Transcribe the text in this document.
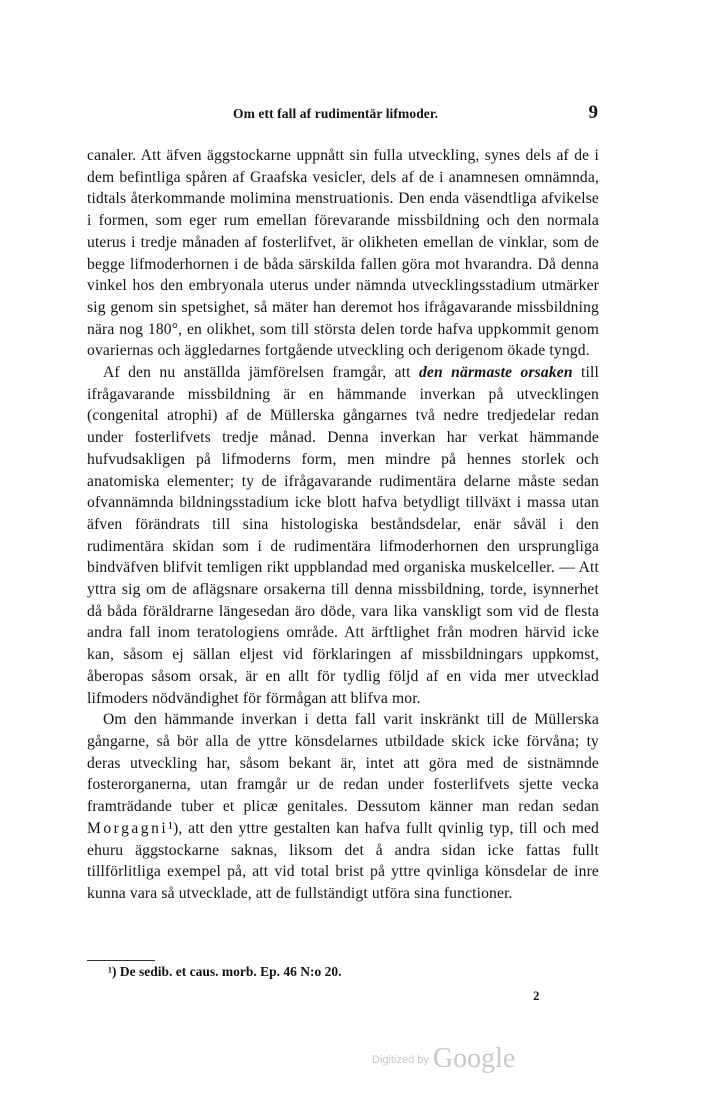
Om ett fall af rudimentär lifmoder.	9

canaler. Att äfven äggstockarne uppnått sin fulla utveckling, synes dels af de i dem befintliga spåren af Graafska vesicler, dels af de i anamnesen omnämnda, tidtals återkommande molimina menstruationis. Den enda väsendtliga afvikelse i formen, som eger rum emellan förevarande missbildning och den normala uterus i tredje månaden af fosterlifvet, är olikheten emellan de vinklar, som de begge lifmoderhornen i de båda särskilda fallen göra mot hvarandra. Då denna vinkel hos den embryonala uterus under nämnda utvecklingsstadium utmärker sig genom sin spetsighet, så mäter han deremot hos ifrågavarande missbildning nära nog 180°, en olikhet, som till största delen torde hafva uppkommit genom ovariernas och äggledarnes fortgående utveckling och derigenom ökade tyngd.

Af den nu anställda jämförelsen framgår, att den närmaste orsaken till ifrågavarande missbildning är en hämmande inverkan på utvecklingen (congenital atrophi) af de Müllerska gångarnes två nedre tredjedelar redan under fosterlifvets tredje månad. Denna inverkan har verkat hämmande hufvudsakligen på lifmoderns form, men mindre på hennes storlek och anatomiska elementer; ty de ifrågavarande rudimentära delarne måste sedan ofvannämnda bildningsstadium icke blott hafva betydligt tillväxt i massa utan äfven förändrats till sina histologiska beståndsdelar, enär såväl i den rudimentära skidan som i de rudimentära lifmoderhornen den ursprungliga bindväfven blifvit temligen rikt uppblandad med organiska muskelceller. — Att yttra sig om de aflägsnare orsakerna till denna missbildning, torde, isynnerhet då båda föräldrarne längesedan äro döde, vara lika vanskligt som vid de flesta andra fall inom teratologiens område. Att ärftlighet från modren härvid icke kan, såsom ej sällan eljest vid förklaringen af missbildningars uppkomst, åberopas såsom orsak, är en allt för tydlig följd af en vida mer utvecklad lifmoders nödvändighet för förmågan att blifva mor.

Om den hämmande inverkan i detta fall varit inskränkt till de Müllerska gångarne, så bör alla de yttre könsdelarnes utbildade skick icke förvåna; ty deras utveckling har, såsom bekant är, intet att göra med de sistnämnde fosterorganerna, utan framgår ur de redan under fosterlifvets sjette vecka framträdande tuber et plicæ genitales. Dessutom känner man redan sedan Morgagni¹), att den yttre gestalten kan hafva fullt qvinlig typ, till och med ehuru äggstockarne saknas, liksom det å andra sidan icke fattas fullt tillförlitliga exempel på, att vid total brist på yttre qvinliga könsdelar de inre kunna vara så utvecklade, att de fullständigt utföra sina functioner.

¹) De sedib. et caus. morb. Ep. 46 N:o 20.
2
$^{Digitized by}$ Google
